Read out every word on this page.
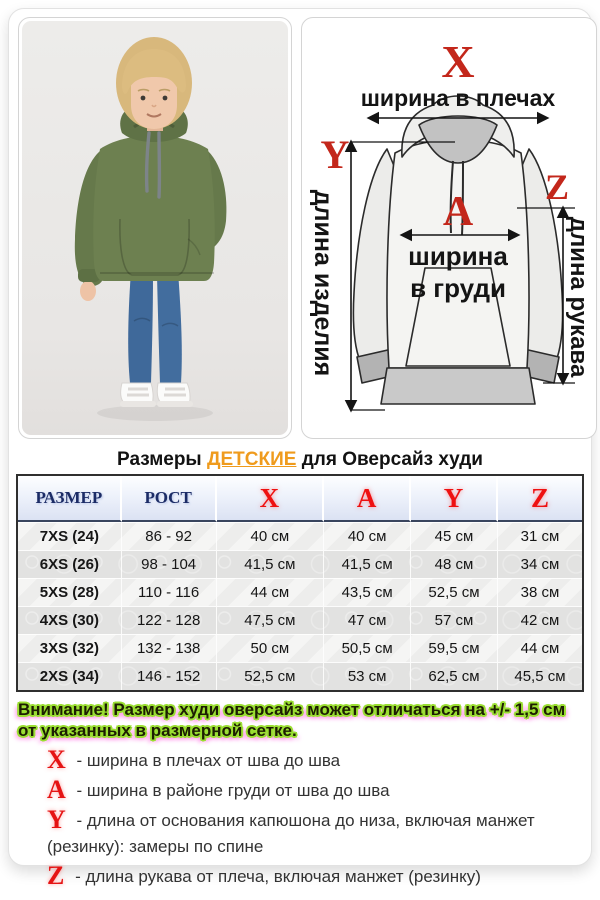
X
ширина в плечах
Y
длина изделия	A
ширина
в груди
Z
длина рукава
Размеры ДЕТСКИЕ для Оверсайз худи
РАЗМЕР	РОСТ	X	A	Y	Z
7XS (24)	86 - 92	40 см	40 см	45 см	31 см
6XS (26)	98 - 104	41,5 см	41,5 см	48 см	34 см
5XS (28)	110 - 116	44 см	43,5 см	52,5 см	38 см
4XS (30)	122 - 128	47,5 см	47 см	57 см	42 см
3XS (32)	132 - 138	50 см	50,5 см	59,5 см	44 см
2XS (34)	146 - 152	52,5 см	53 см	62,5 см	45,5 см
Внимание! Размер худи оверсайз может отличаться на +/- 1,5 см от указанных в размерной сетке.

X - ширина в плечах от шва до шва

A - ширина в районе груди от шва до шва

Y - длина от основания капюшона до низа, включая манжет (резинку): замеры по спине

Z - длина рукава от плеча, включая манжет (резинку)
